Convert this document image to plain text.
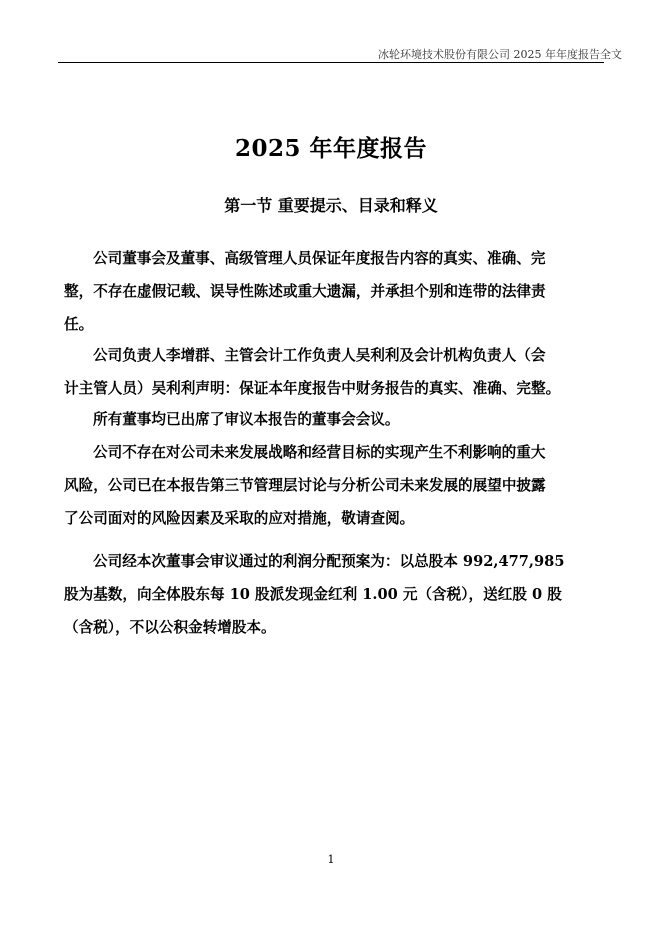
冰轮环境技术股份有限公司 2025 年年度报告全文
2025 年年度报告
第一节 重要提示、目录和释义
公司董事会及董事、高级管理人员保证年度报告内容的真实、准确、完
整，不存在虚假记载、误导性陈述或重大遗漏，并承担个别和连带的法律责
任。
公司负责人李增群、主管会计工作负责人吴利利及会计机构负责人（会
计主管人员）吴利利声明：保证本年度报告中财务报告的真实、准确、完整。
所有董事均已出席了审议本报告的董事会会议。
公司不存在对公司未来发展战略和经营目标的实现产生不利影响的重大
风险，公司已在本报告第三节管理层讨论与分析公司未来发展的展望中披露
了公司面对的风险因素及采取的应对措施，敬请查阅。
公司经本次董事会审议通过的利润分配预案为：以总股本 992,477,985
股为基数，向全体股东每 10 股派发现金红利 1.00 元（含税），送红股 0 股
（含税），不以公积金转增股本。
1
